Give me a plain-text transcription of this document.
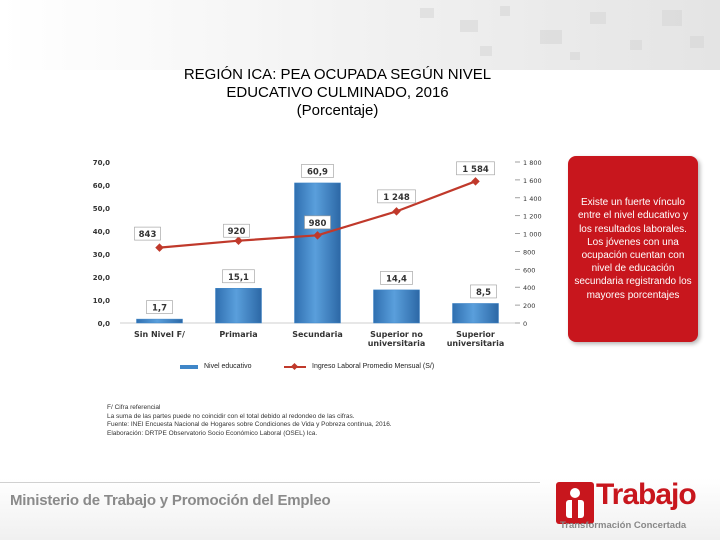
REGIÓN ICA: PEA OCUPADA SEGÚN NIVEL
EDUCATIVO CULMINADO, 2016
(Porcentaje)
0,0
10,0
20,0
30,0
40,0
50,0
60,0
70,0
0
200
400
600
800
1 000
1 200
1 400
1 600
1 800
Sin Nivel F/	Primaria	Secundaria	Superior no
universitaria
Superior
universitaria
1,7
15,1
60,9
14,4
8,5
843	920
980
1 248
1 584
Existe un fuerte vínculo entre el nivel educativo y los resultados laborales. Los jóvenes con una ocupación cuentan con nivel de educación secundaria registrando los mayores porcentajes
Nivel educativo	Ingreso Laboral Promedio Mensual (S/)
F/ Cifra referencial
La suma de las partes puede no coincidir con el total debido al redondeo de las cifras.
Fuente: INEI Encuesta Nacional de Hogares sobre Condiciones de Vida y Pobreza continua, 2016.
Elaboración: DRTPE Observatorio Socio Económico Laboral (OSEL) Ica.
Ministerio de Trabajo y Promoción del Empleo	Trabajo
Transformación Concertada
